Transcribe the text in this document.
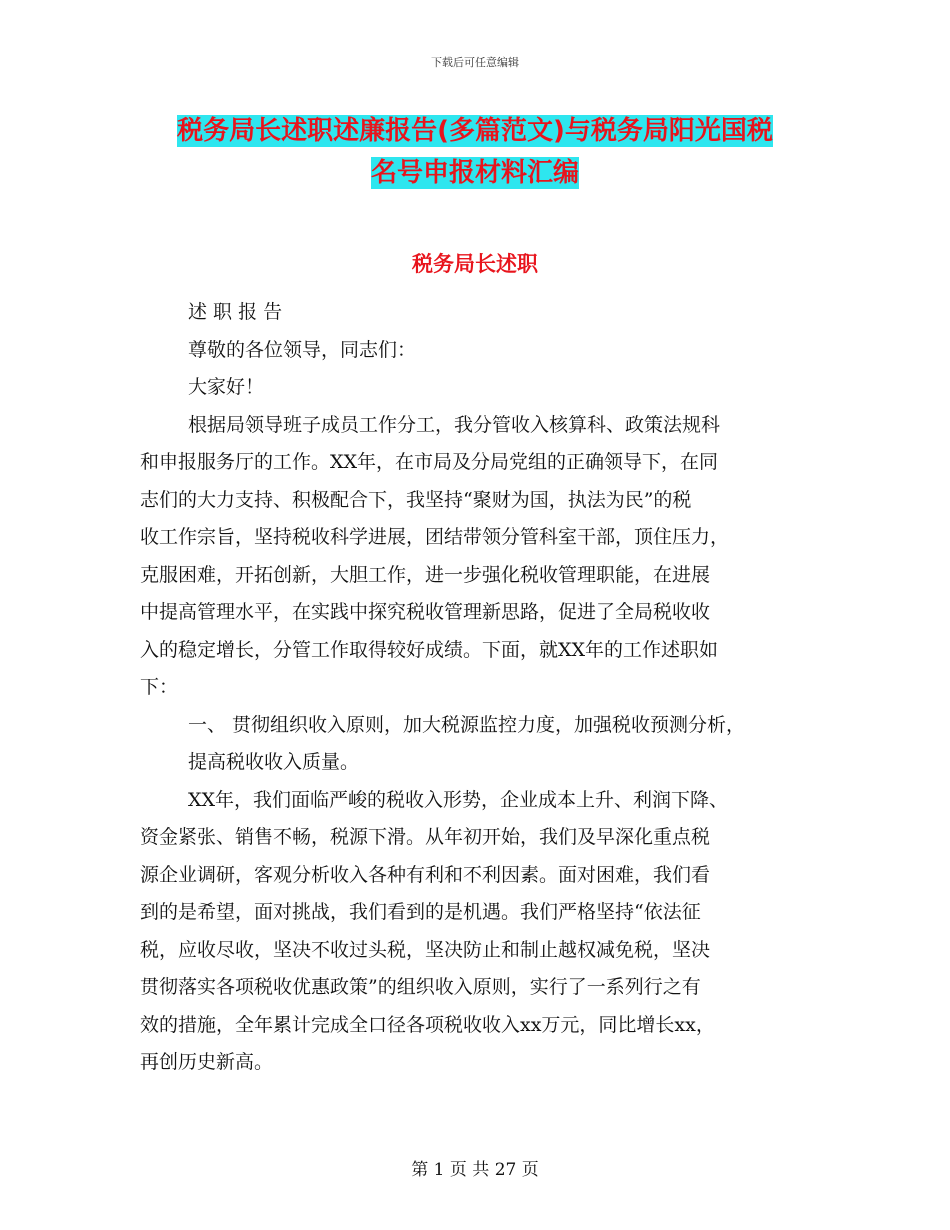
下载后可任意编辑
税务局长述职述廉报告(多篇范文)与税务局阳光国税
名号申报材料汇编
税务局长述职
述 职 报 告
尊敬的各位领导，同志们：
大家好！
根据局领导班子成员工作分工，我分管收入核算科、政策法规科
和申报服务厅的工作。XX年，在市局及分局党组的正确领导下，在同
志们的大力支持、积极配合下，我坚持“聚财为国，执法为民”的税
收工作宗旨，坚持税收科学进展，团结带领分管科室干部，顶住压力，
克服困难，开拓创新，大胆工作，进一步强化税收管理职能，在进展
中提高管理水平，在实践中探究税收管理新思路，促进了全局税收收
入的稳定增长，分管工作取得较好成绩。下面，就XX年的工作述职如
下：
一、 贯彻组织收入原则，加大税源监控力度，加强税收预测分析，
提高税收收入质量。
XX年，我们面临严峻的税收入形势，企业成本上升、利润下降、
资金紧张、销售不畅，税源下滑。从年初开始，我们及早深化重点税
源企业调研，客观分析收入各种有利和不利因素。面对困难，我们看
到的是希望，面对挑战，我们看到的是机遇。我们严格坚持“依法征
税，应收尽收，坚决不收过头税，坚决防止和制止越权减免税，坚决
贯彻落实各项税收优惠政策”的组织收入原则，实行了一系列行之有
效的措施，全年累计完成全口径各项税收收入xx万元，同比增长xx，
再创历史新高。
第 1 页 共 27 页
